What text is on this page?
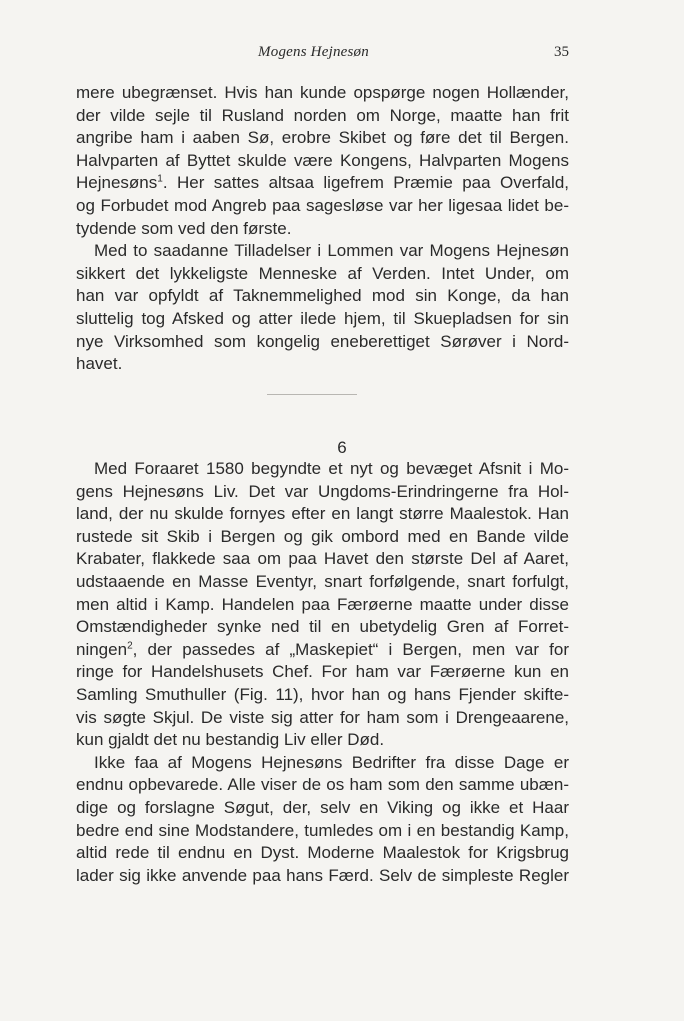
Mogens Hejnesøn	35
mere ubegrænset. Hvis han kunde opspørge nogen Hollænder,
der vilde sejle til Rusland norden om Norge, maatte han frit
angribe ham i aaben Sø, erobre Skibet og føre det til Bergen.
Halvparten af Byttet skulde være Kongens, Halvparten Mogens
Hejnesøns$^1$. Her sattes altsaa ligefrem Præmie paa Overfald,
og Forbudet mod Angreb paa sagesløse var her ligesaa lidet be-
tydende som ved den første.
Med to saadanne Tilladelser i Lommen var Mogens Hejnesøn
sikkert det lykkeligste Menneske af Verden. Intet Under, om
han var opfyldt af Taknemmelighed mod sin Konge, da han
sluttelig tog Afsked og atter ilede hjem, til Skuepladsen for sin
nye Virksomhed som kongelig eneberettiget Sørøver i Nord-
havet.
6
Med Foraaret 1580 begyndte et nyt og bevæget Afsnit i Mo-
gens Hejnesøns Liv. Det var Ungdoms-Erindringerne fra Hol-
land, der nu skulde fornyes efter en langt større Maalestok. Han
rustede sit Skib i Bergen og gik ombord med en Bande vilde
Krabater, flakkede saa om paa Havet den største Del af Aaret,
udstaaende en Masse Eventyr, snart forfølgende, snart forfulgt,
men altid i Kamp. Handelen paa Færøerne maatte under disse
Omstændigheder synke ned til en ubetydelig Gren af Forret-
ningen$^2$, der passedes af „Maskepiet“ i Bergen, men var for
ringe for Handelshusets Chef. For ham var Færøerne kun en
Samling Smuthuller (Fig. 11), hvor han og hans Fjender skifte-
vis søgte Skjul. De viste sig atter for ham som i Drengeaarene,
kun gjaldt det nu bestandig Liv eller Død.
Ikke faa af Mogens Hejnesøns Bedrifter fra disse Dage er
endnu opbevarede. Alle viser de os ham som den samme ubæn-
dige og forslagne Søgut, der, selv en Viking og ikke et Haar
bedre end sine Modstandere, tumledes om i en bestandig Kamp,
altid rede til endnu en Dyst. Moderne Maalestok for Krigsbrug
lader sig ikke anvende paa hans Færd. Selv de simpleste Regler
